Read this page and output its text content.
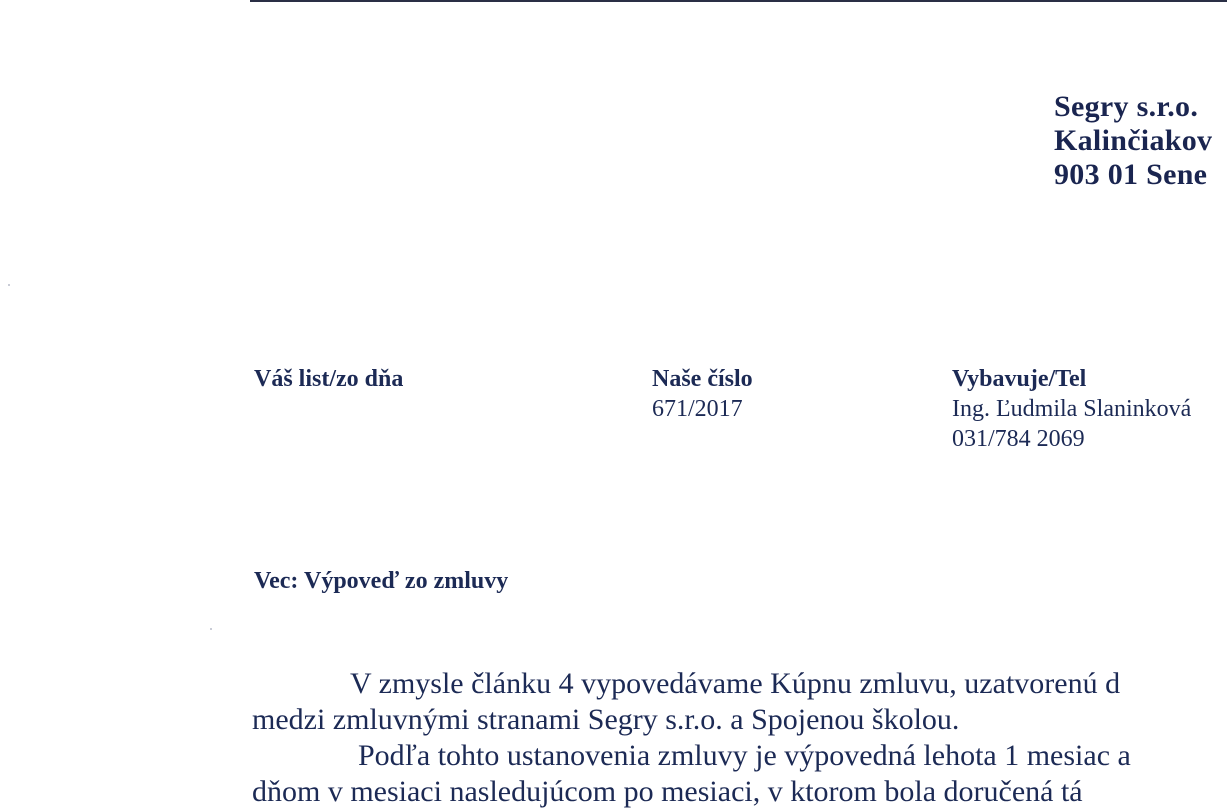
Segry s.r.o.
Kalinčiakov
903 01 Sene
Váš list/zo dňa	Naše číslo
671/2017
Vybavuje/Tel
Ing. Ľudmila Slaninková
031/784 2069
Vec: Výpoveď zo zmluvy
V zmysle článku 4 vypovedávame Kúpnu zmluvu, uzatvorenú d
medzi zmluvnými stranami Segry s.r.o. a Spojenou školou.
Podľa tohto ustanovenia zmluvy je výpovedná lehota 1 mesiac a
dňom v mesiaci nasledujúcom po mesiaci, v ktorom bola doručená tá
